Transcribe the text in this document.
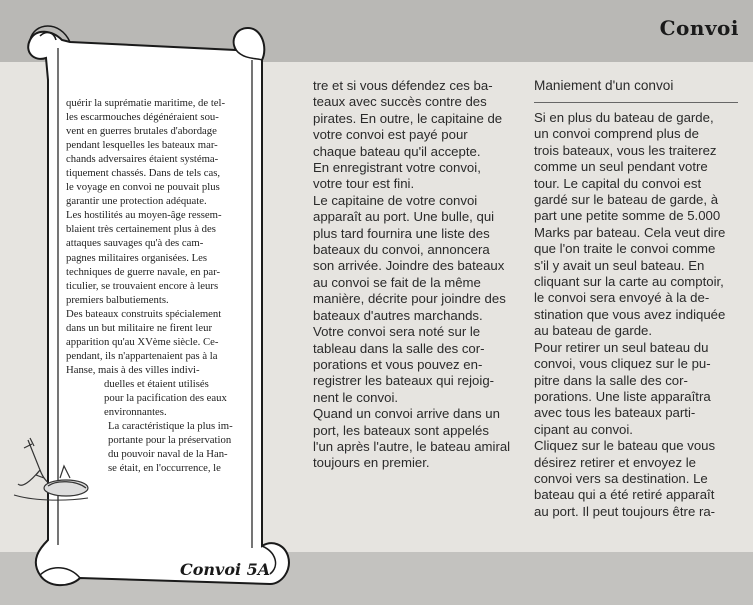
Convoi

quérir la suprématie maritime, de tel-

les escarmouches dégénéraient sou-

vent en guerres brutales d'abordage

pendant lesquelles les bateaux mar-

chands adversaires étaient systéma-

tiquement chassés. Dans de tels cas,

le voyage en convoi ne pouvait plus

garantir une protection adéquate.

Les hostilités au moyen-âge ressem-

blaient très certainement plus à des

attaques sauvages qu'à des cam-

pagnes militaires organisées. Les

techniques de guerre navale, en par-

ticulier, se trouvaient encore à leurs

premiers balbutiements.

Des bateaux construits spécialement

dans un but militaire ne firent leur

apparition qu'au XVème siècle. Ce-

pendant, ils n'appartenaient pas à la

Hanse, mais à des villes indivi-

duelles et étaient utilisés

pour la pacification des eaux

environnantes.

La caractéristique la plus im-

portante pour la préservation

du pouvoir naval de la Han-

se était, en l'occurrence, le

Convoi 5A

tre et si vous défendez ces ba-

teaux avec succès contre des

pirates. En outre, le capitaine de

votre convoi est payé pour

chaque bateau qu'il accepte.

En enregistrant votre convoi,

votre tour est fini.

Le capitaine de votre convoi

apparaît au port. Une bulle, qui

plus tard fournira une liste des

bateaux du convoi, annoncera

son arrivée. Joindre des bateaux

au convoi se fait de la même

manière, décrite pour joindre des

bateaux d'autres marchands.

Votre convoi sera noté sur le

tableau dans la salle des cor-

porations et vous pouvez en-

registrer les bateaux qui rejoig-

nent le convoi.

Quand un convoi arrive dans un

port, les bateaux sont appelés

l'un après l'autre, le bateau amiral

toujours en premier.

Maniement d'un convoi

Si en plus du bateau de garde,

un convoi comprend plus de

trois bateaux, vous les traiterez

comme un seul pendant votre

tour. Le capital du convoi est

gardé sur le bateau de garde, à

part une petite somme de 5.000

Marks par bateau. Cela veut dire

que l'on traite le convoi comme

s'il y avait un seul bateau. En

cliquant sur la carte au comptoir,

le convoi sera envoyé à la de-

stination que vous avez indiquée

au bateau de garde.

Pour retirer un seul bateau du

convoi, vous cliquez sur le pu-

pitre dans la salle des cor-

porations. Une liste apparaîtra

avec tous les bateaux parti-

cipant au convoi.

Cliquez sur le bateau que vous

désirez retirer et envoyez le

convoi vers sa destination. Le

bateau qui a été retiré apparaît

au port. Il peut toujours être ra-
